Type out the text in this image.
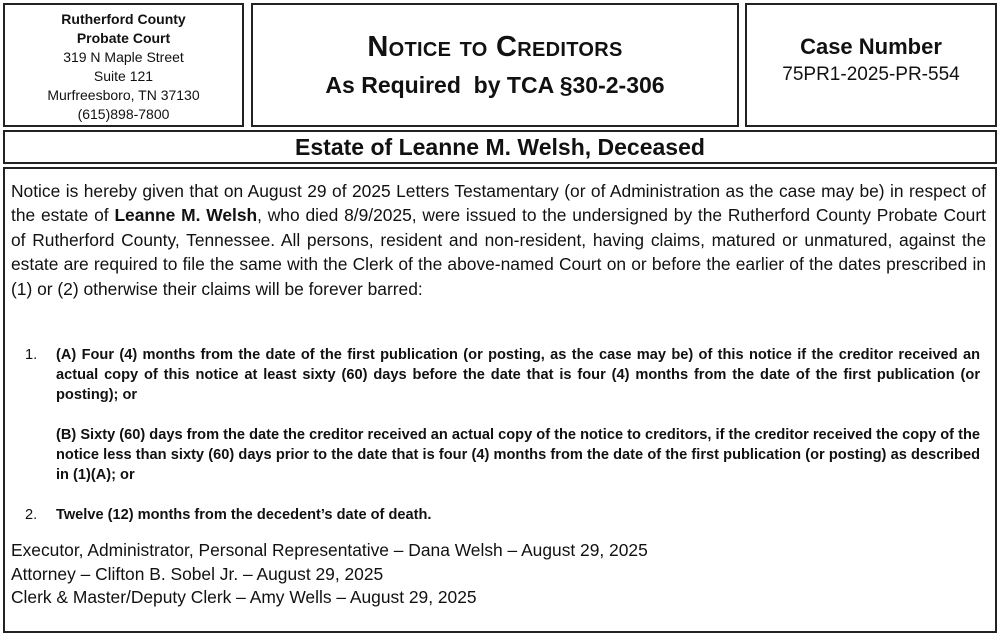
Rutherford County
Probate Court
319 N Maple Street
Suite 121
Murfreesboro, TN 37130
(615)898-7800
Notice to Creditors
As Required  by TCA §30-2-306
Case Number
75PR1-2025-PR-554
Estate of Leanne M. Welsh, Deceased
Notice is hereby given that on August 29 of 2025 Letters Testamentary (or of Administration as the case may be) in respect of the estate of Leanne M. Welsh, who died 8/9/2025, were issued to the undersigned by the Rutherford County Probate Court of Rutherford County, Tennessee. All persons, resident and non-resident, having claims, matured or unmatured, against the estate are required to file the same with the Clerk of the above-named Court on or before the earlier of the dates prescribed in (1) or (2) otherwise their claims will be forever barred:
1. (A) Four (4) months from the date of the first publication (or posting, as the case may be) of this notice if the creditor received an actual copy of this notice at least sixty (60) days before the date that is four (4) months from the date of the first publication (or posting); or
(B) Sixty (60) days from the date the creditor received an actual copy of the notice to creditors, if the creditor received the copy of the notice less than sixty (60) days prior to the date that is four (4) months from the date of the first publication (or posting) as described in (1)(A); or
2. Twelve (12) months from the decedent’s date of death.
Executor, Administrator, Personal Representative – Dana Welsh – August 29, 2025
Attorney – Clifton B. Sobel Jr. – August 29, 2025
Clerk & Master/Deputy Clerk – Amy Wells – August 29, 2025
